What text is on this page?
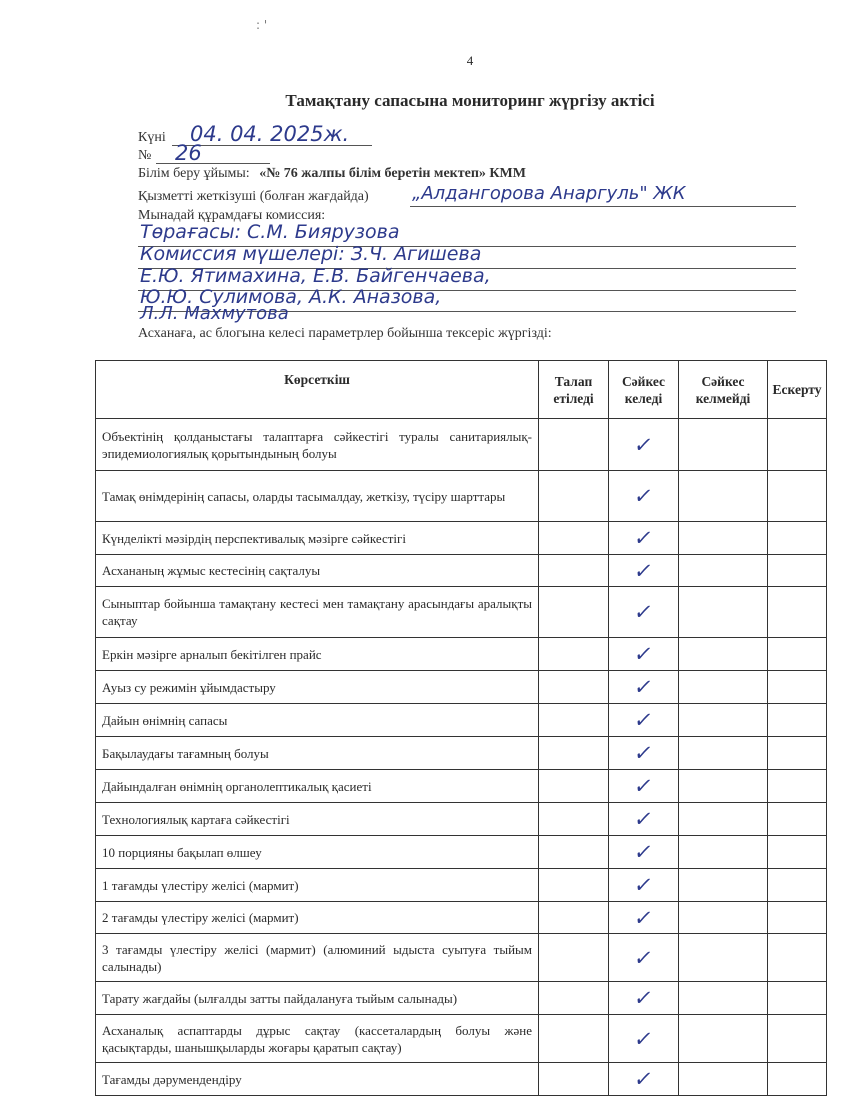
: '
4
Тамақтану сапасына мониторинг жүргізу актісі
Күні 04. 04. 2025ж.
№ 26
Білім беру ұйымы: «№ 76 жалпы білім беретін мектеп» КММ
Қызметті жеткізуші (болған жағдайда) „Алдангорова Анаргуль" ЖК
Мынадай құрамдағы комиссия:
Төрағасы: С.М. Биярузова
Комиссия мүшелері: З.Ч. Агишева
Е.Ю. Ятимахина, Е.В. Байгенчаева,
Ю.Ю. Сулимова, А.К. Аназова,
Л.Л. Махмутова
Асханаға, ас блогына келесі параметрлер бойынша тексеріс жүргізді:
Көрсеткіш	Талап етіледі	Сәйкес келеді	Сәйкес келмейді	Ескерту
Объектінің қолданыстағы талаптарға сәйкестігі туралы санитариялық-эпидемиологиялық қорытындының болуы		✓		

Тамақ өнімдерінің сапасы, оларды тасымалдау, жеткізу, түсіру шарттары		✓		

Күнделікті мәзірдің перспективалық мәзірге сәйкестігі		✓		

Асхананың жұмыс кестесінің сақталуы		✓		

Сыныптар бойынша тамақтану кестесі мен тамақтану арасындағы аралықты сақтау		✓		

Еркін мәзірге арналып бекітілген прайс		✓		

Ауыз су режимін ұйымдастыру		✓		

Дайын өнімнің сапасы		✓		

Бақылаудағы тағамның болуы		✓		

Дайындалған өнімнің органолептикалық қасиеті		✓		

Технологиялық картаға сәйкестігі		✓		

10 порцияны бақылап өлшеу		✓		

1 тағамды үлестіру желісі (мармит)		✓		

2 тағамды үлестіру желісі (мармит)		✓		

3 тағамды үлестіру желісі (мармит) (алюминий ыдыста суытуға тыйым салынады)		✓		

Тарату жағдайы (ылғалды затты пайдалануға тыйым салынады)		✓		

Асханалық аспаптарды дұрыс сақтау (кассеталардың болуы және қасықтарды, шанышқыларды жоғары қаратып сақтау)		✓		

Тағамды дәрумендендіру		✓		
